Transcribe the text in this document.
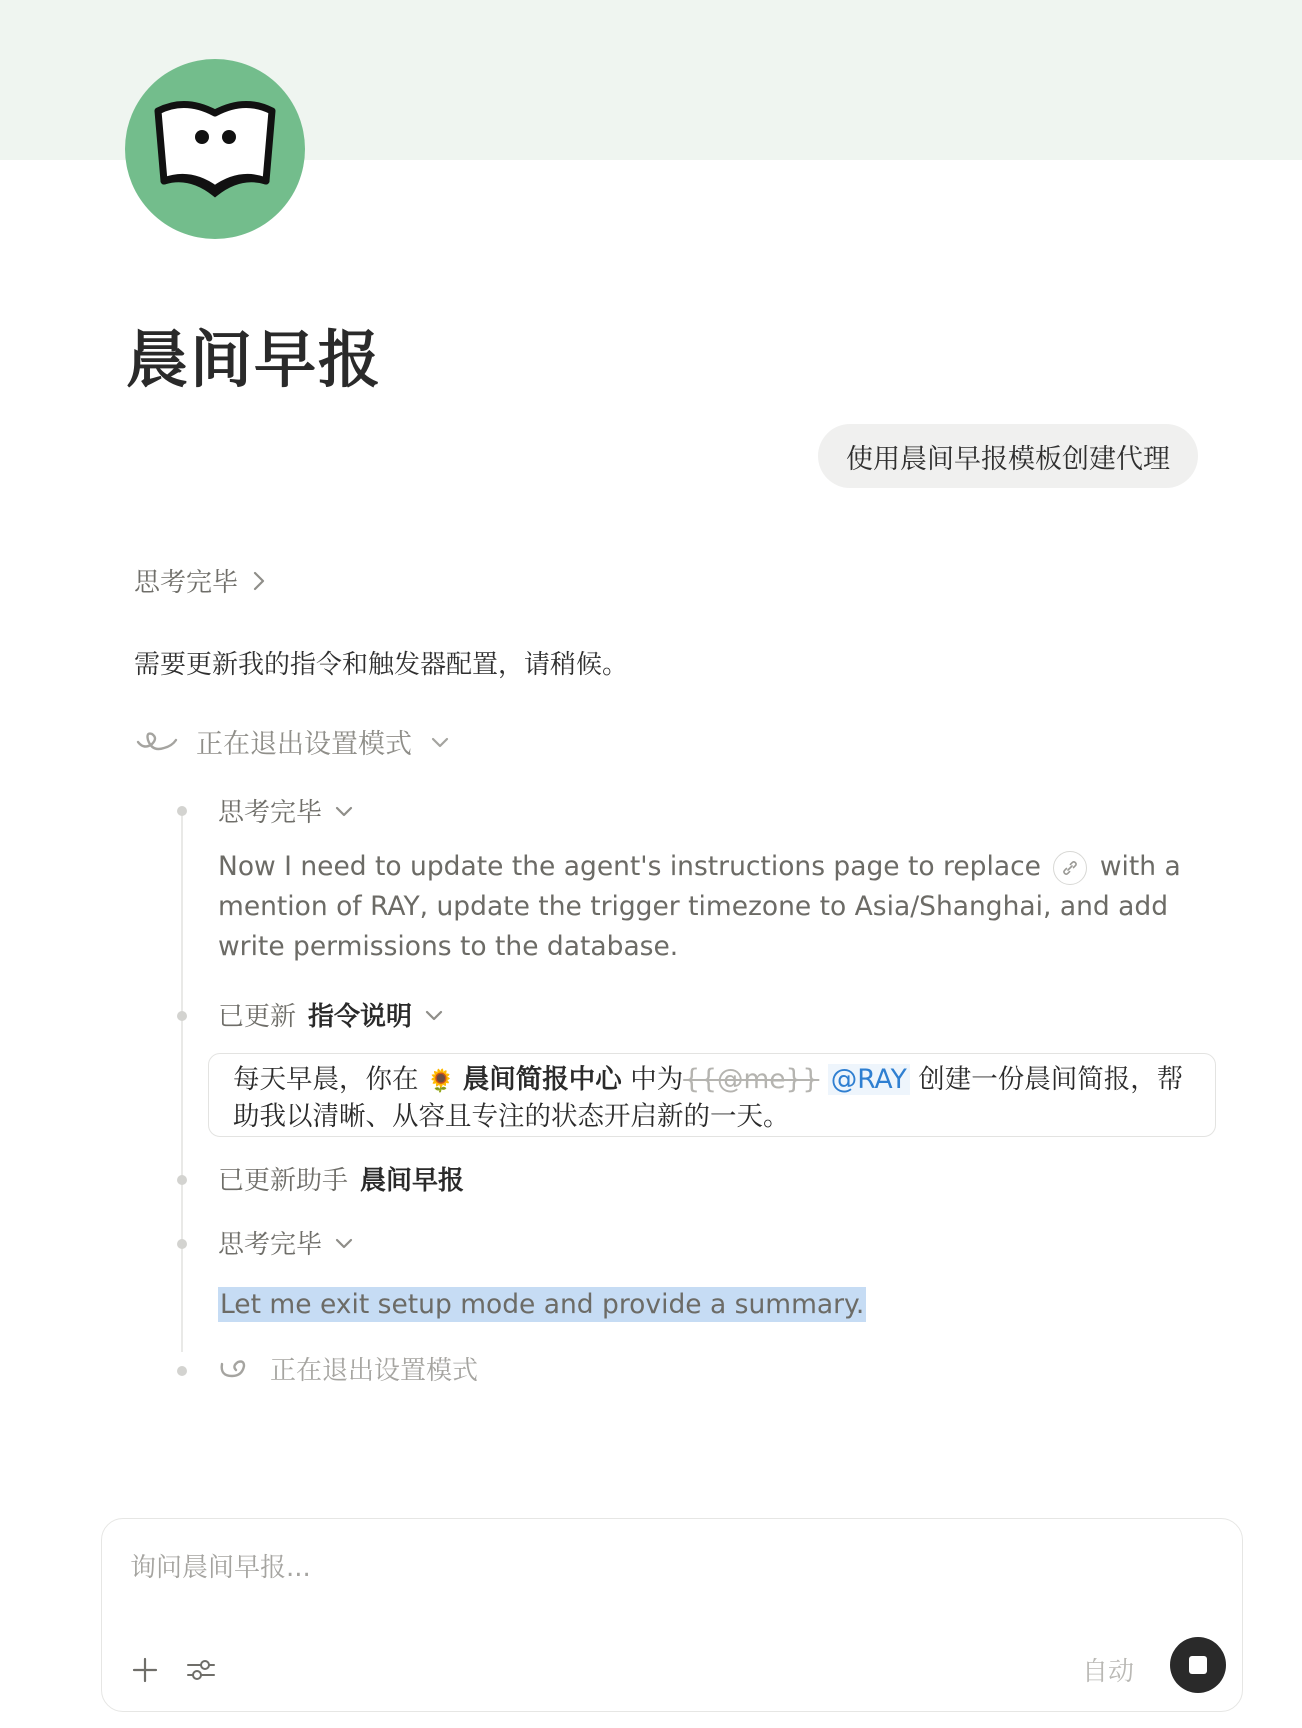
晨间早报
使用晨间早报模板创建代理
思考完毕
需要更新我的指令和触发器配置，请稍候。
正在退出设置模式
思考完毕
Now I need to update the agent's instructions page to replace with a mention of RAY, update the trigger timezone to Asia/Shanghai, and add write permissions to the database.
已更新 指令说明
每天早晨，你在 🌻 晨间简报中心 中为{{@me}} @RAY 创建一份晨间简报，帮助我以清晰、从容且专注的状态开启新的一天。
已更新助手 晨间早报
思考完毕
Let me exit setup mode and provide a summary.
正在退出设置模式
询问晨间早报...
自动
